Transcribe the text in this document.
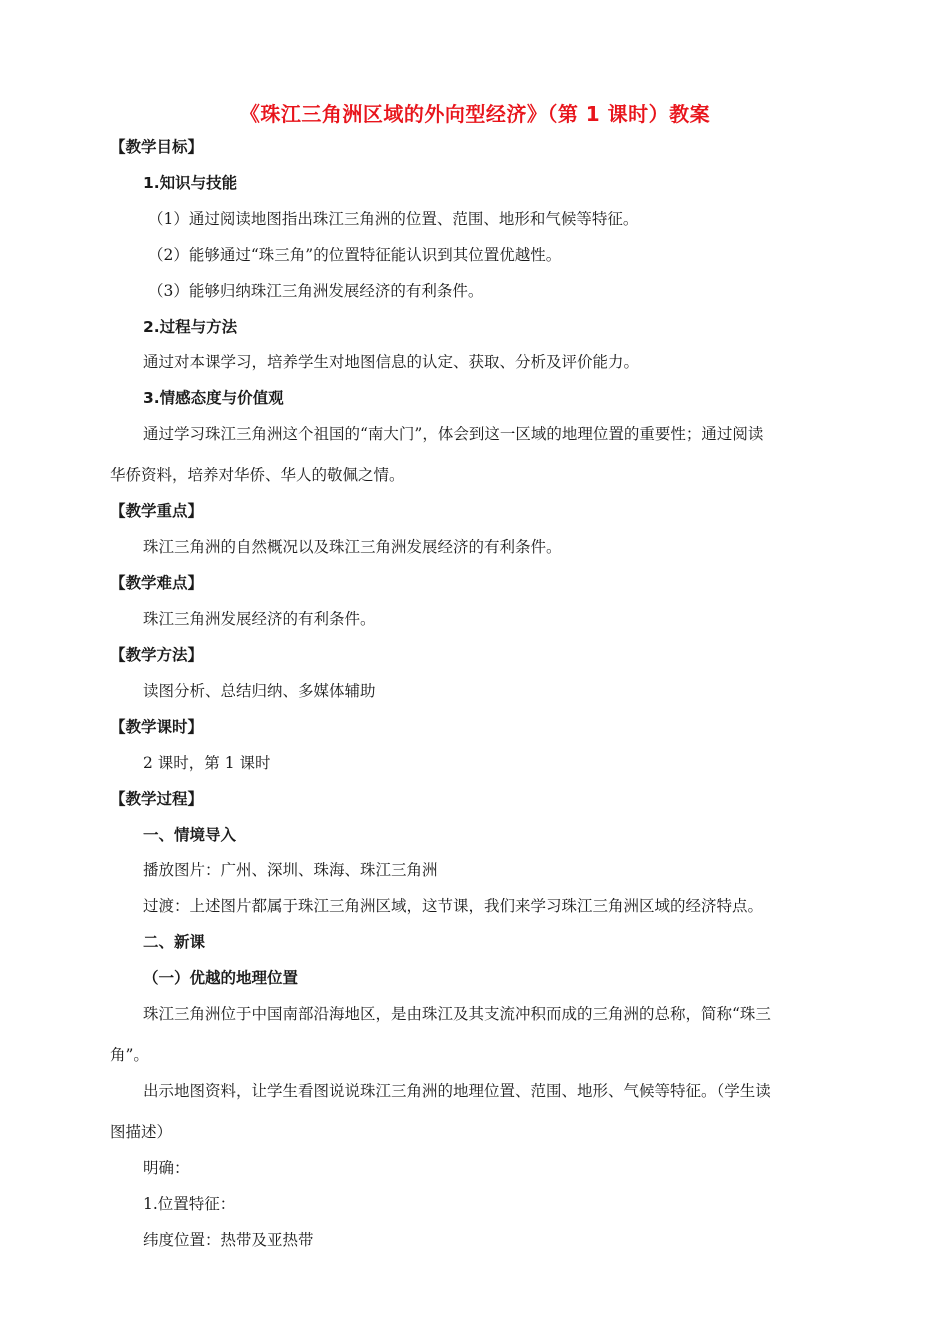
《珠江三角洲区域的外向型经济》（第 1 课时）教案
【教学目标】
1.知识与技能
（1）通过阅读地图指出珠江三角洲的位置、范围、地形和气候等特征。
（2）能够通过“珠三角”的位置特征能认识到其位置优越性。
（3）能够归纳珠江三角洲发展经济的有利条件。
2.过程与方法
通过对本课学习，培养学生对地图信息的认定、获取、分析及评价能力。
3.情感态度与价值观
通过学习珠江三角洲这个祖国的“南大门”，体会到这一区域的地理位置的重要性；通过阅读
华侨资料，培养对华侨、华人的敬佩之情。
【教学重点】
珠江三角洲的自然概况以及珠江三角洲发展经济的有利条件。
【教学难点】
珠江三角洲发展经济的有利条件。
【教学方法】
读图分析、总结归纳、多媒体辅助
【教学课时】
2 课时，第 1 课时
【教学过程】
一、情境导入
播放图片：广州、深圳、珠海、珠江三角洲
过渡：上述图片都属于珠江三角洲区域，这节课，我们来学习珠江三角洲区域的经济特点。
二、新课
（一）优越的地理位置
珠江三角洲位于中国南部沿海地区，是由珠江及其支流冲积而成的三角洲的总称，简称“珠三
角”。
出示地图资料，让学生看图说说珠江三角洲的地理位置、范围、地形、气候等特征。（学生读
图描述）
明确：
1.位置特征：
纬度位置：热带及亚热带
